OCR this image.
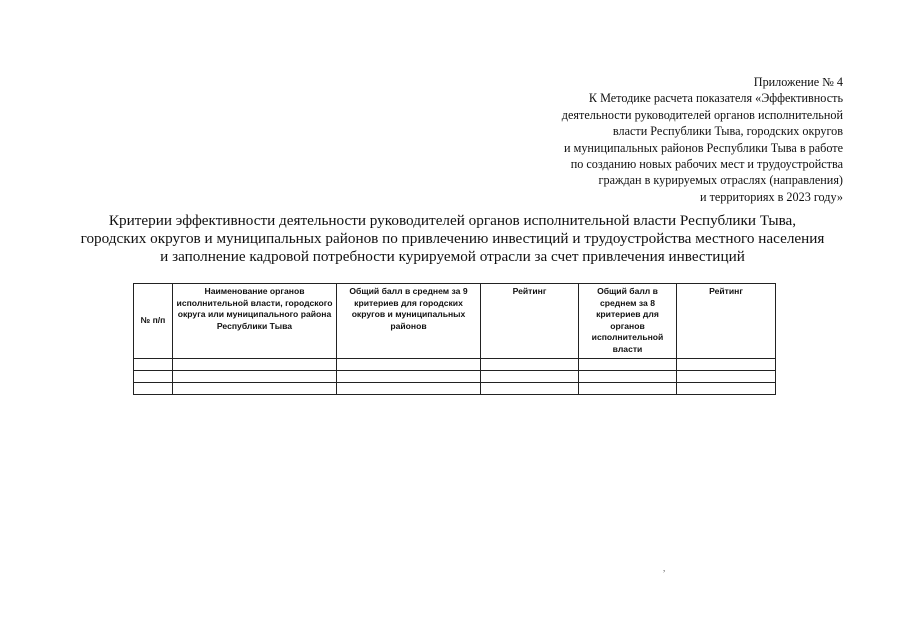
Приложение № 4
К Методике расчета показателя «Эффективность
деятельности руководителей органов исполнительной
власти Республики Тыва, городских округов
и муниципальных районов Республики Тыва в работе
по созданию новых рабочих мест и трудоустройства
граждан в курируемых отраслях (направления)
и территориях в 2023 году»
Критерии эффективности деятельности руководителей органов исполнительной власти Республики Тыва,
городских округов и муниципальных районов по привлечению инвестиций и трудоустройства местного населения
и заполнение кадровой потребности курируемой отрасли за счет привлечения инвестиций
№ п/п	Наименование органов исполнительной власти, городского округа или муниципального района Республики Тыва	Общий балл в среднем за 9 критериев для городских округов и муниципальных районов	Рейтинг	Общий балл в среднем за 8 критериев для органов исполнительной власти	Рейтинг

,
